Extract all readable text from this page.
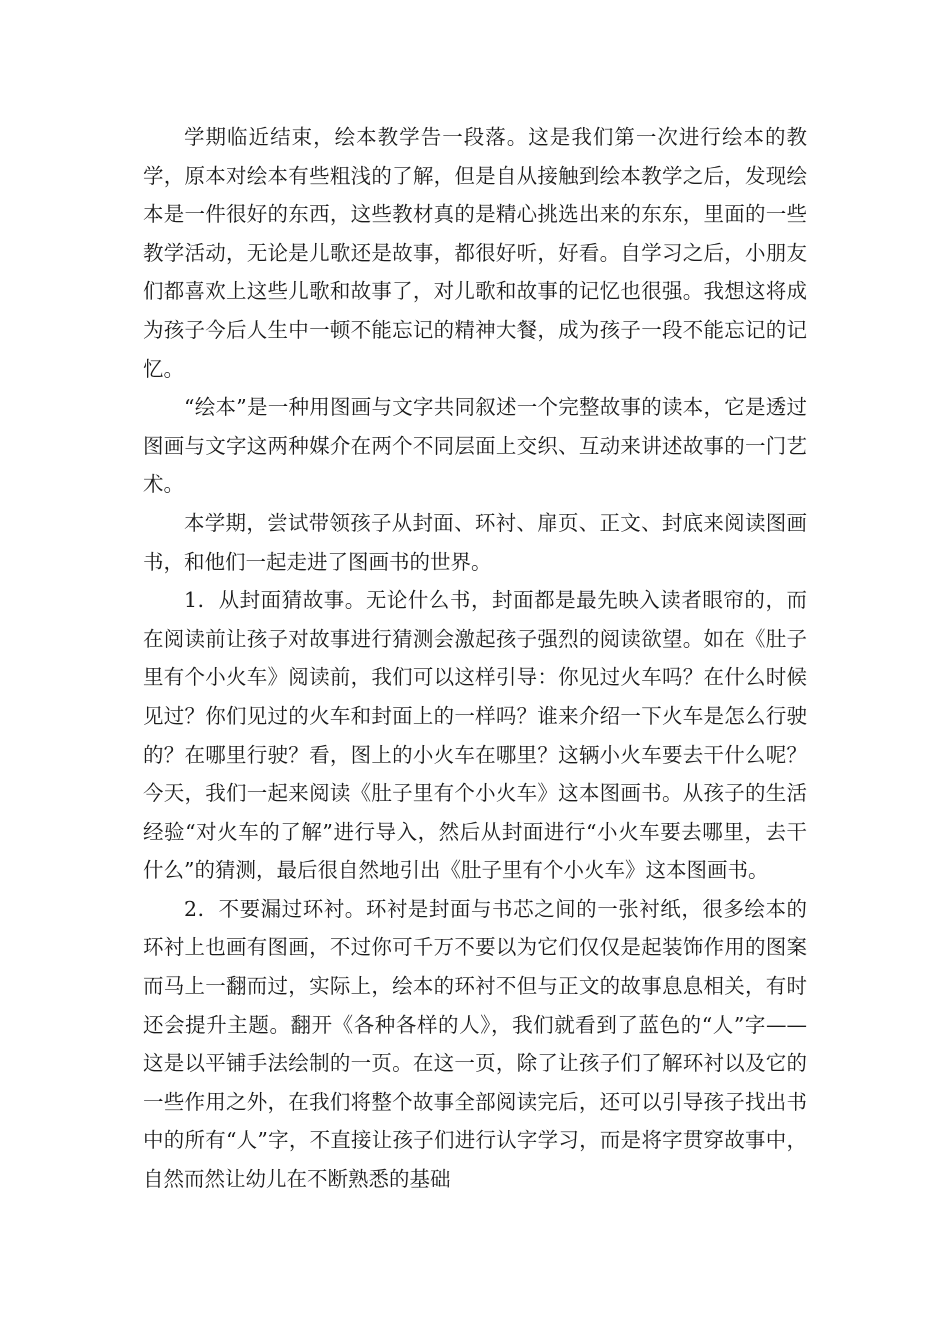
学期临近结束，绘本教学告一段落。这是我们第一次进行绘本的教学，原本对绘本有些粗浅的了解，但是自从接触到绘本教学之后，发现绘本是一件很好的东西，这些教材真的是精心挑选出来的东东，里面的一些教学活动，无论是儿歌还是故事，都很好听，好看。自学习之后，小朋友们都喜欢上这些儿歌和故事了，对儿歌和故事的记忆也很强。我想这将成为孩子今后人生中一顿不能忘记的精神大餐，成为孩子一段不能忘记的记忆。

“绘本”是一种用图画与文字共同叙述一个完整故事的读本，它是透过图画与文字这两种媒介在两个不同层面上交织、互动来讲述故事的一门艺术。

本学期，尝试带领孩子从封面、环衬、扉页、正文、封底来阅读图画书，和他们一起走进了图画书的世界。

1．从封面猜故事。无论什么书，封面都是最先映入读者眼帘的，而在阅读前让孩子对故事进行猜测会激起孩子强烈的阅读欲望。如在《肚子里有个小火车》阅读前，我们可以这样引导：你见过火车吗？在什么时候见过？你们见过的火车和封面上的一样吗？谁来介绍一下火车是怎么行驶的？在哪里行驶？看，图上的小火车在哪里？这辆小火车要去干什么呢？今天，我们一起来阅读《肚子里有个小火车》这本图画书。从孩子的生活经验“对火车的了解”进行导入，然后从封面进行“小火车要去哪里，去干什么”的猜测，最后很自然地引出《肚子里有个小火车》这本图画书。

2．不要漏过环衬。环衬是封面与书芯之间的一张衬纸，很多绘本的环衬上也画有图画，不过你可千万不要以为它们仅仅是起装饰作用的图案而马上一翻而过，实际上，绘本的环衬不但与正文的故事息息相关，有时还会提升主题。翻开《各种各样的人》，我们就看到了蓝色的“人”字——这是以平铺手法绘制的一页。在这一页，除了让孩子们了解环衬以及它的一些作用之外，在我们将整个故事全部阅读完后，还可以引导孩子找出书中的所有“人”字，不直接让孩子们进行认字学习，而是将字贯穿故事中，自然而然让幼儿在不断熟悉的基础
